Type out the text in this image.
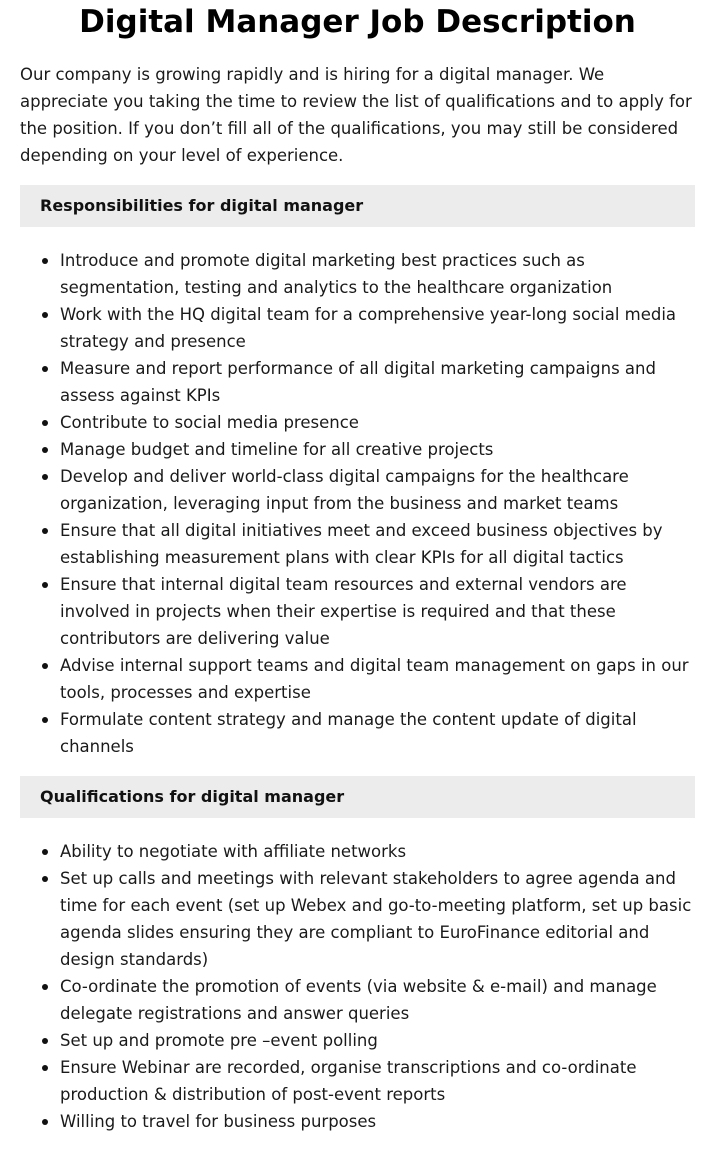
Digital Manager Job Description

Our company is growing rapidly and is hiring for a digital manager. We appreciate you taking the time to review the list of qualifications and to apply for the position. If you don’t fill all of the qualifications, you may still be considered depending on your level of experience.

Responsibilities for digital manager
Introduce and promote digital marketing best practices such as segmentation, testing and analytics to the healthcare organization
Work with the HQ digital team for a comprehensive year-long social media strategy and presence
Measure and report performance of all digital marketing campaigns and assess against KPIs
Contribute to social media presence
Manage budget and timeline for all creative projects
Develop and deliver world-class digital campaigns for the healthcare organization, leveraging input from the business and market teams
Ensure that all digital initiatives meet and exceed business objectives by establishing measurement plans with clear KPIs for all digital tactics
Ensure that internal digital team resources and external vendors are involved in projects when their expertise is required and that these contributors are delivering value
Advise internal support teams and digital team management on gaps in our tools, processes and expertise
Formulate content strategy and manage the content update of digital channels
Qualifications for digital manager
Ability to negotiate with affiliate networks
Set up calls and meetings with relevant stakeholders to agree agenda and time for each event (set up Webex and go-to-meeting platform, set up basic agenda slides ensuring they are compliant to EuroFinance editorial and design standards)
Co-ordinate the promotion of events (via website & e-mail) and manage delegate registrations and answer queries
Set up and promote pre –event polling
Ensure Webinar are recorded, organise transcriptions and co-ordinate production & distribution of post-event reports
Willing to travel for business purposes
